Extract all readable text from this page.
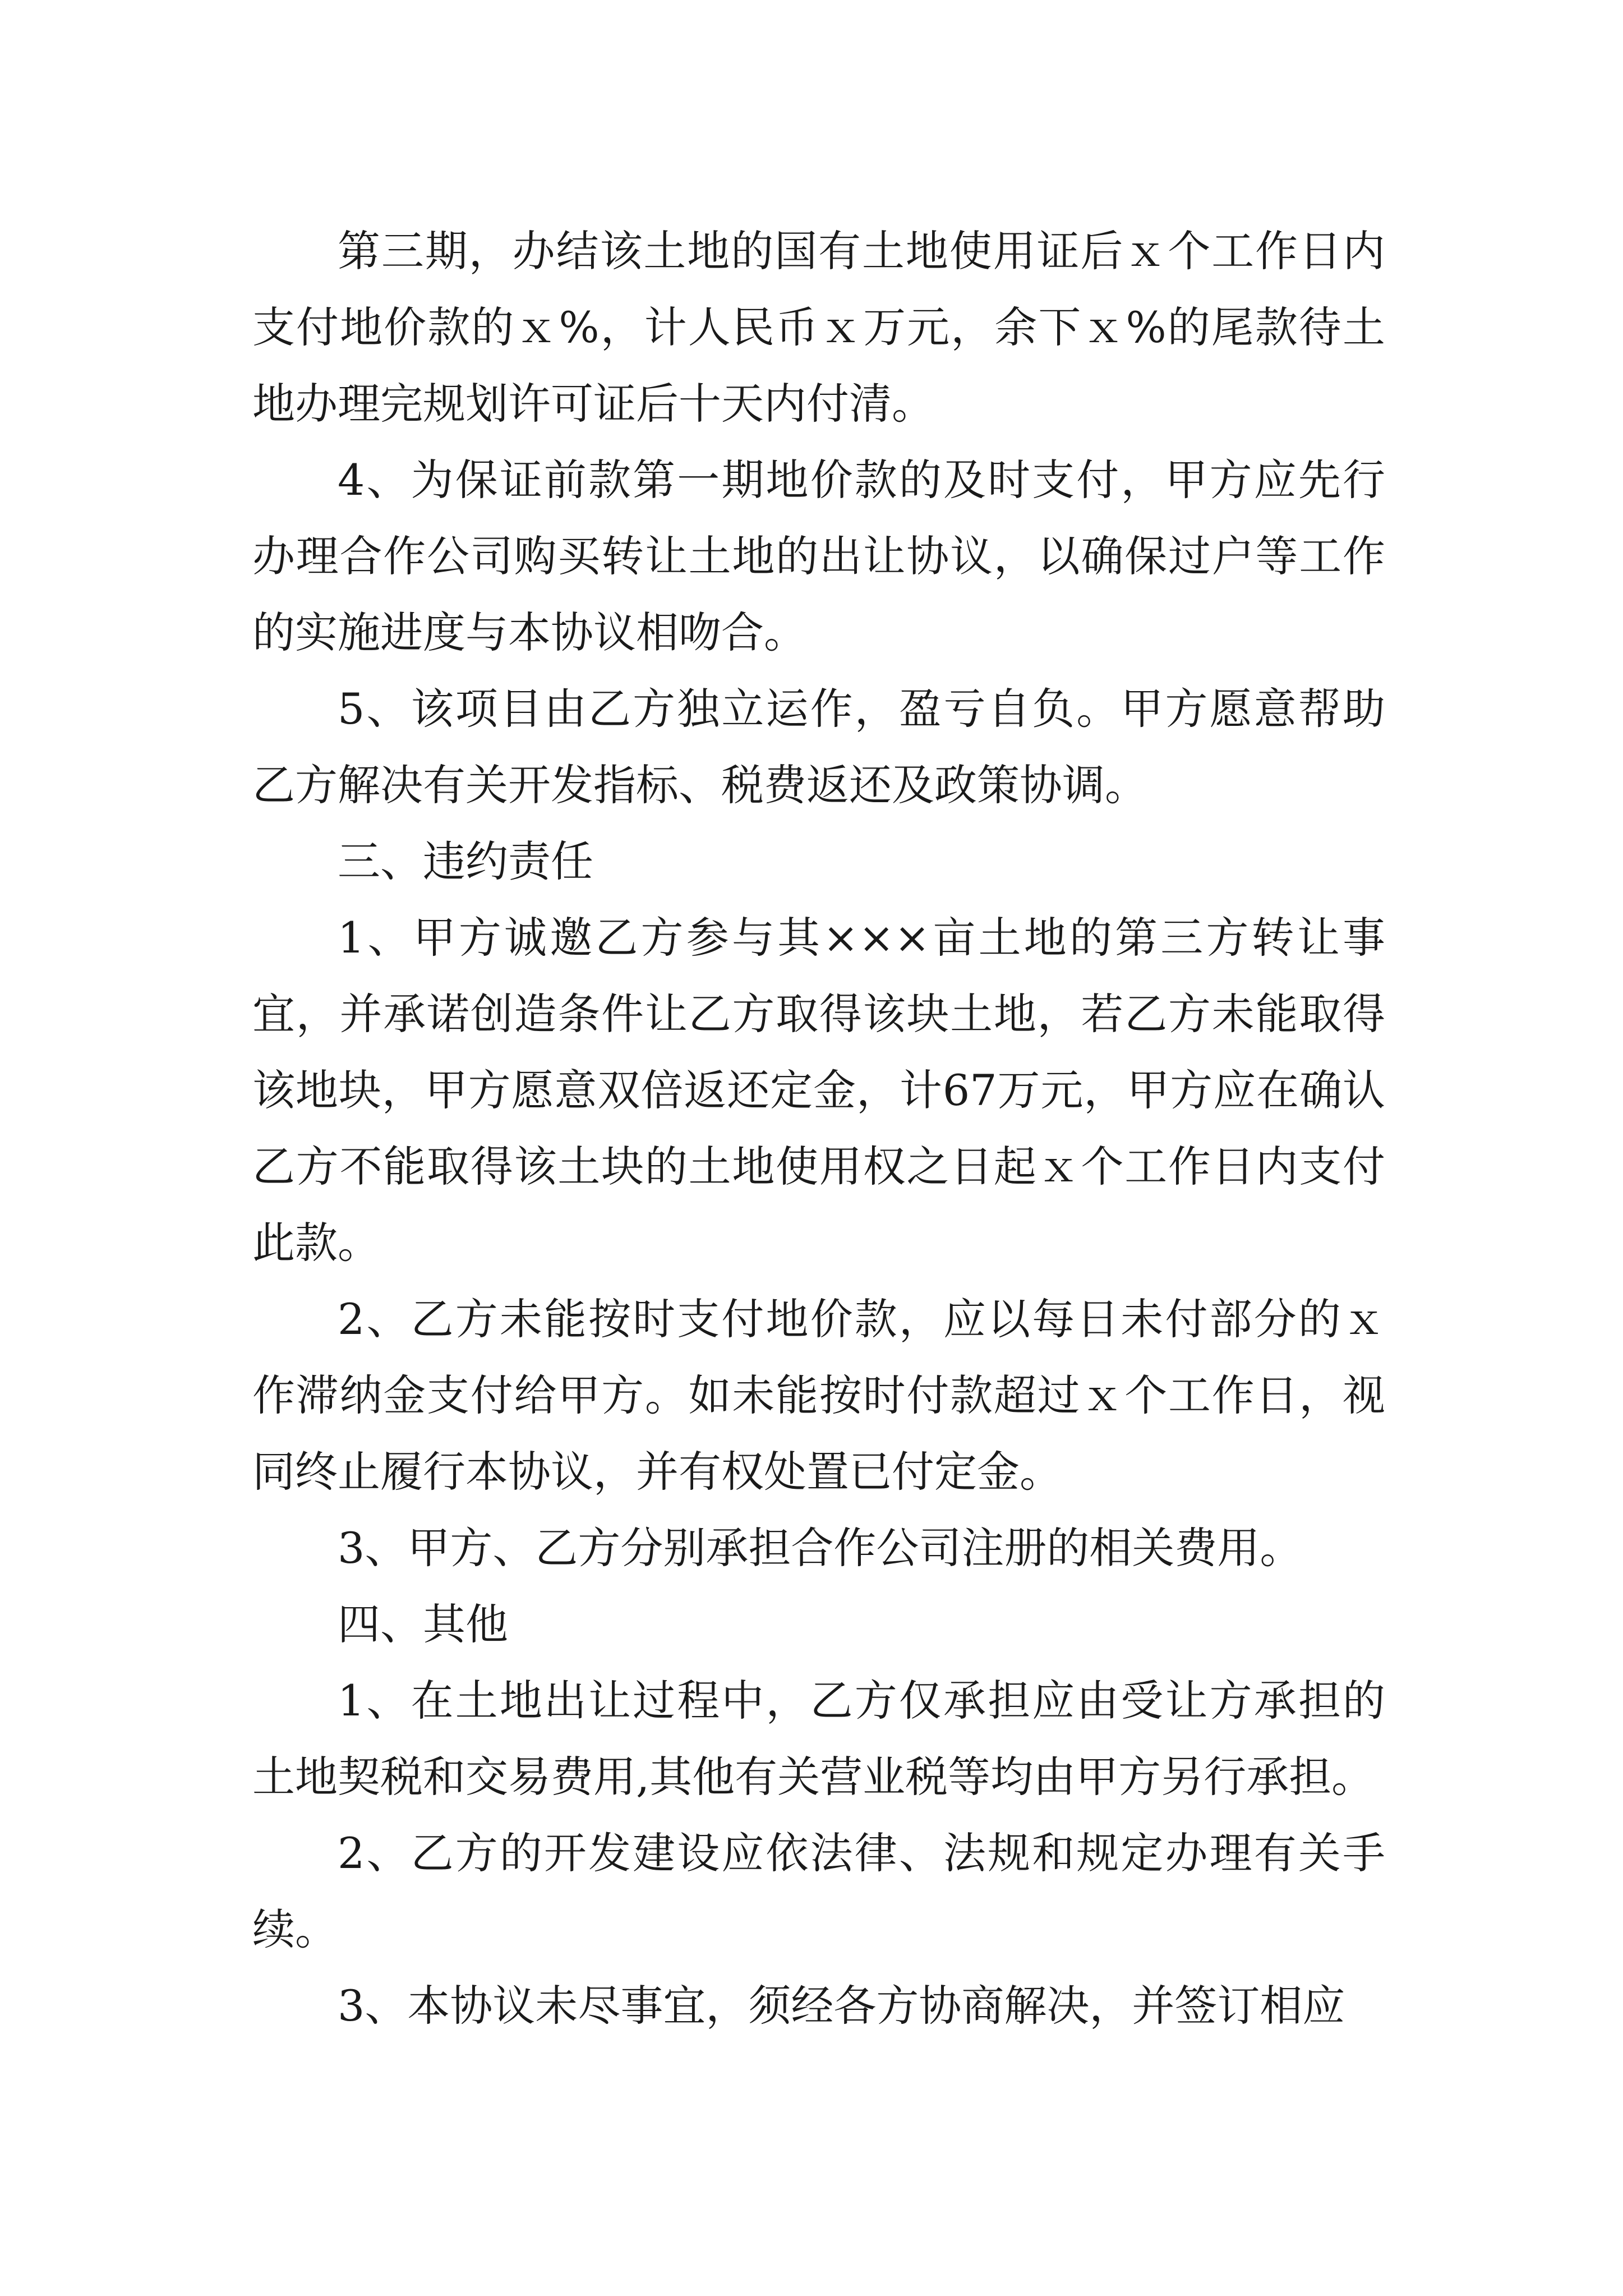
第三期，办结该土地的国有土地使用证后ｘ个工作日内支付地价款的ｘ%，计人民币ｘ万元，余下ｘ%的尾款待土地办理完规划许可证后十天内付清。

4、为保证前款第一期地价款的及时支付，甲方应先行办理合作公司购买转让土地的出让协议，以确保过户等工作的实施进度与本协议相吻合。

5、该项目由乙方独立运作，盈亏自负。甲方愿意帮助乙方解决有关开发指标、税费返还及政策协调。

三、违约责任

1、甲方诚邀乙方参与其×××亩土地的第三方转让事宜，并承诺创造条件让乙方取得该块土地，若乙方未能取得该地块，甲方愿意双倍返还定金，计67万元，甲方应在确认乙方不能取得该土块的土地使用权之日起ｘ个工作日内支付此款。

2、乙方未能按时支付地价款，应以每日未付部分的ｘ作滞纳金支付给甲方。如未能按时付款超过ｘ个工作日，视同终止履行本协议，并有权处置已付定金。

3、甲方、乙方分别承担合作公司注册的相关费用。

四、其他

1、在土地出让过程中，乙方仅承担应由受让方承担的土地契税和交易费用,其他有关营业税等均由甲方另行承担。

2、乙方的开发建设应依法律、法规和规定办理有关手续。

3、本协议未尽事宜，须经各方协商解决，并签订相应
